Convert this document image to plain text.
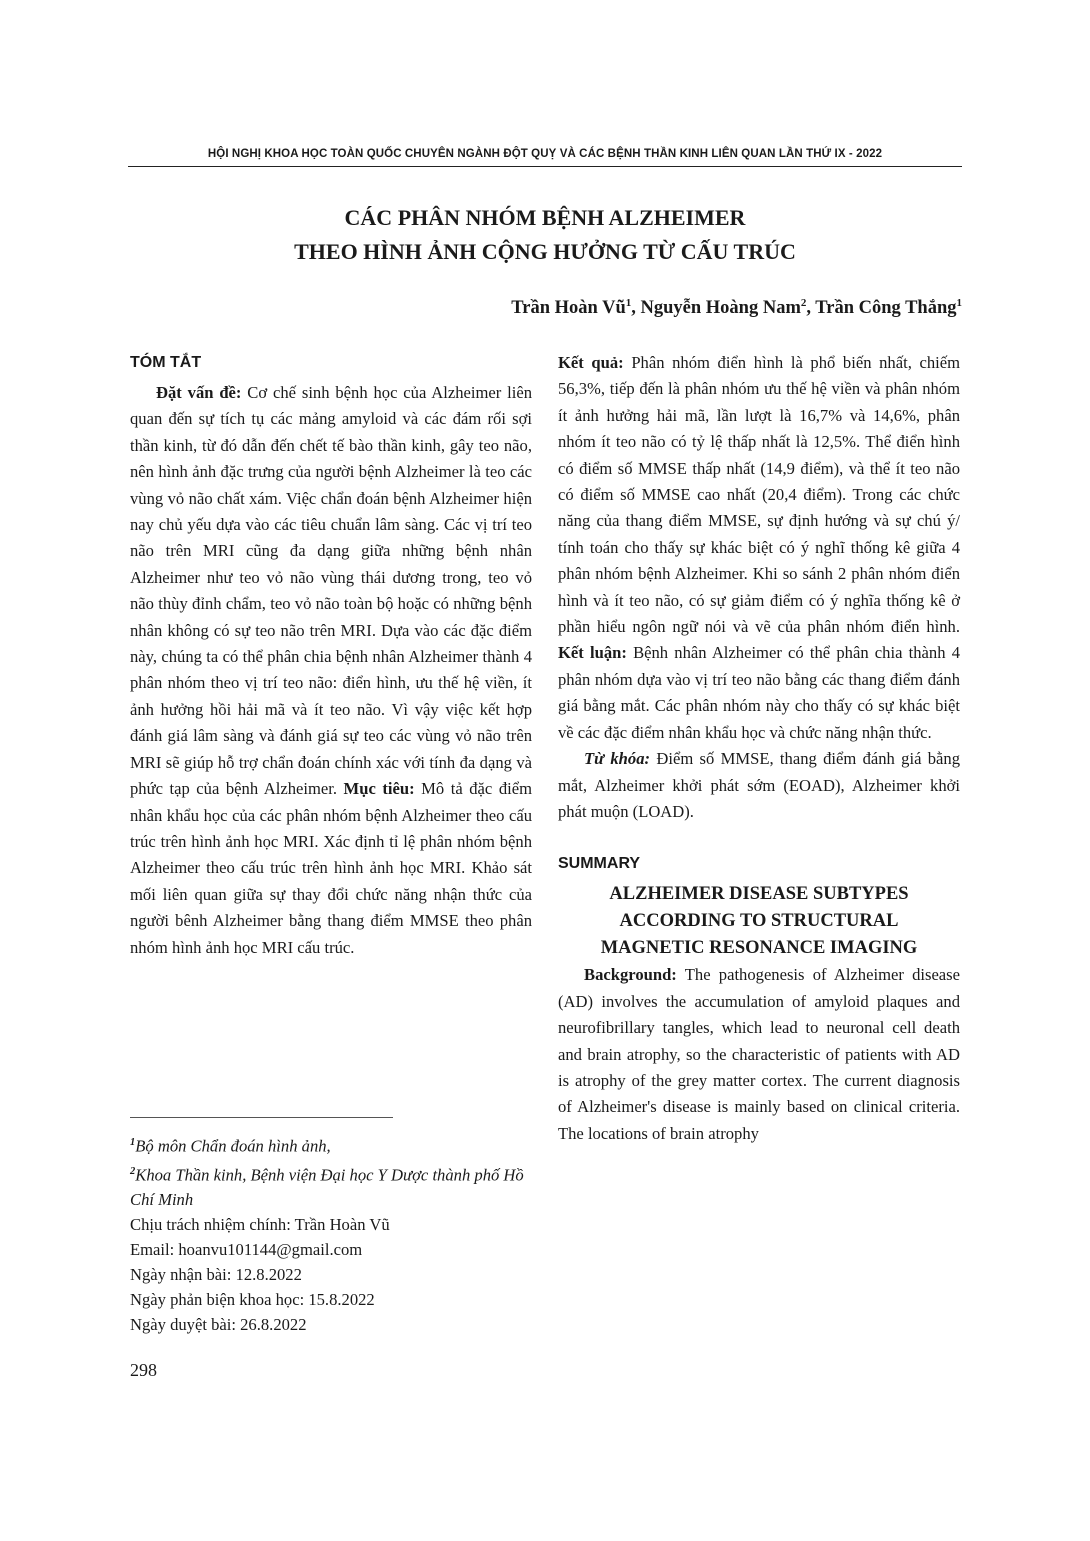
HỘI NGHỊ KHOA HỌC TOÀN QUỐC CHUYÊN NGÀNH ĐỘT QUỴ VÀ CÁC BỆNH THẦN KINH LIÊN QUAN LẦN THỨ IX - 2022
CÁC PHÂN NHÓM BỆNH ALZHEIMER
THEO HÌNH ẢNH CỘNG HƯỞNG TỪ CẤU TRÚC
Trần Hoàn $Vũ^1$, Nguyễn Hoàng Nam$^2$, Trần Công Thắng$^1$
TÓM TẮT

Đặt vấn đề: Cơ chế sinh bệnh học của Alzheimer liên quan đến sự tích tụ các mảng amyloid và các đám rối sợi thần kinh, từ đó dẫn đến chết tế bào thần kinh, gây teo não, nên hình ảnh đặc trưng của người bệnh Alzheimer là teo các vùng vỏ não chất xám. Việc chẩn đoán bệnh Alzheimer hiện nay chủ yếu dựa vào các tiêu chuẩn lâm sàng. Các vị trí teo não trên MRI cũng đa dạng giữa những bệnh nhân Alzheimer như teo vỏ não vùng thái dương trong, teo vỏ não thùy đỉnh chẩm, teo vỏ não toàn bộ hoặc có những bệnh nhân không có sự teo não trên MRI. Dựa vào các đặc điểm này, chúng ta có thể phân chia bệnh nhân Alzheimer thành 4 phân nhóm theo vị trí teo não: điển hình, ưu thế hệ viền, ít ảnh hưởng hồi hải mã và ít teo não. Vì vậy việc kết hợp đánh giá lâm sàng và đánh giá sự teo các vùng vỏ não trên MRI sẽ giúp hỗ trợ chẩn đoán chính xác với tính đa dạng và phức tạp của bệnh Alzheimer. Mục tiêu: Mô tả đặc điểm nhân khẩu học của các phân nhóm bệnh Alzheimer theo cấu trúc trên hình ảnh học MRI. Xác định tỉ lệ phân nhóm bệnh Alzheimer theo cấu trúc trên hình ảnh học MRI. Khảo sát mối liên quan giữa sự thay đổi chức năng nhận thức của người bênh Alzheimer bằng thang điểm MMSE theo phân nhóm hình ảnh học MRI cấu trúc.

Kết quả: Phân nhóm điển hình là phổ biến nhất, chiếm 56,3%, tiếp đến là phân nhóm ưu thế hệ viền và phân nhóm ít ảnh hưởng hải mã, lần lượt là 16,7% và 14,6%, phân nhóm ít teo não có tỷ lệ thấp nhất là 12,5%. Thể điển hình có điểm số MMSE thấp nhất (14,9 điểm), và thể ít teo não có điểm số MMSE cao nhất (20,4 điểm). Trong các chức năng của thang điểm MMSE, sự định hướng và sự chú ý/ tính toán cho thấy sự khác biệt có ý nghĩ thống kê giữa 4 phân nhóm bệnh Alzheimer. Khi so sánh 2 phân nhóm điển hình và ít teo não, có sự giảm điểm có ý nghĩa thống kê ở phần hiểu ngôn ngữ nói và vẽ của phân nhóm điển hình. Kết luận: Bệnh nhân Alzheimer có thể phân chia thành 4 phân nhóm dựa vào vị trí teo não bằng các thang điểm đánh giá bằng mắt. Các phân nhóm này cho thấy có sự khác biệt về các đặc điểm nhân khẩu học và chức năng nhận thức.

Từ khóa: Điểm số MMSE, thang điểm đánh giá bằng mắt, Alzheimer khởi phát sớm (EOAD), Alzheimer khởi phát muộn (LOAD).

SUMMARY
ALZHEIMER DISEASE SUBTYPES
ACCORDING TO STRUCTURAL
MAGNETIC RESONANCE IMAGING

Background: The pathogenesis of Alzheimer disease (AD) involves the accumulation of amyloid plaques and neurofibrillary tangles, which lead to neuronal cell death and brain atrophy, so the characteristic of patients with AD is atrophy of the grey matter cortex. The current diagnosis of Alzheimer's disease is mainly based on clinical criteria. The locations of brain atrophy

$^1$Bộ môn Chẩn đoán hình ảnh,
$^2$Khoa Thần kinh, Bệnh viện Đại học Y Dược thành phố Hồ Chí Minh
Chịu trách nhiệm chính: Trần Hoàn Vũ
Email: hoanvu101144@gmail.com
Ngày nhận bài: 12.8.2022
Ngày phản biện khoa học: 15.8.2022
Ngày duyệt bài: 26.8.2022
298
